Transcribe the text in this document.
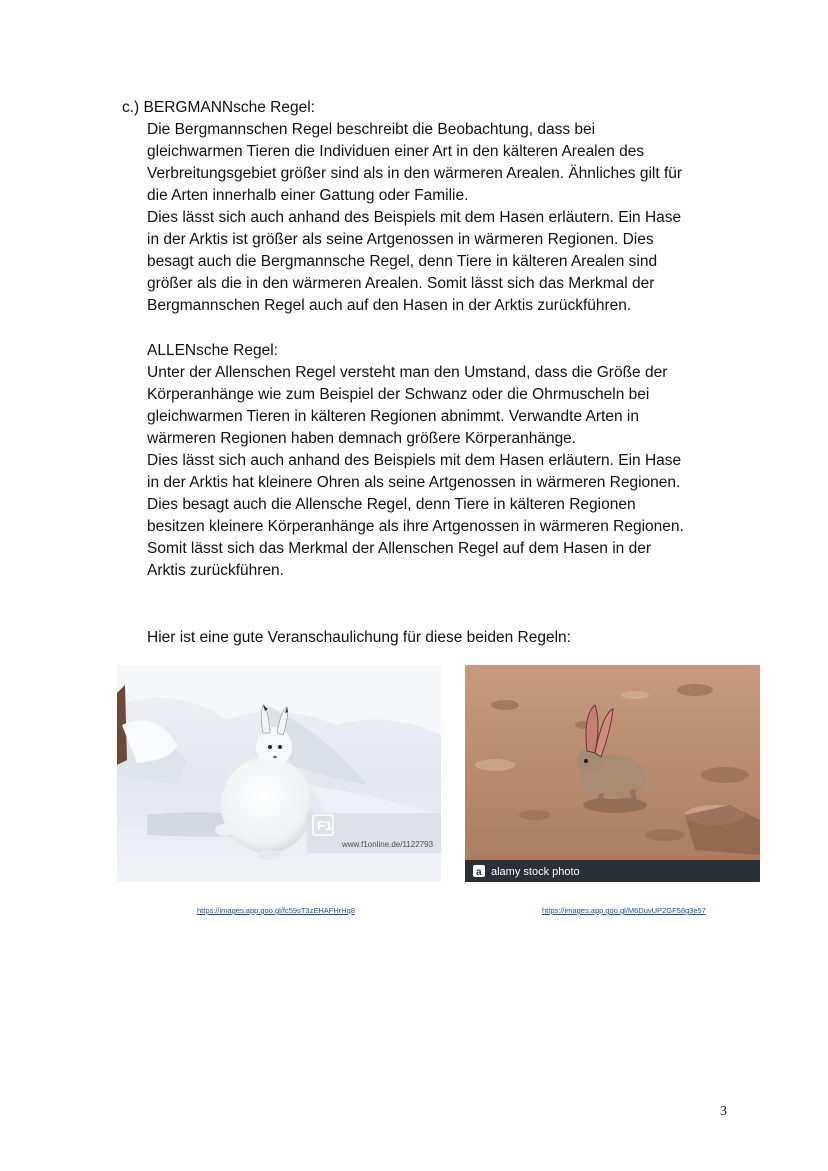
c.) BERGMANNsche Regel:

Die Bergmannschen Regel beschreibt die Beobachtung, dass bei
gleichwarmen Tieren die Individuen einer Art in den kälteren Arealen des
Verbreitungsgebiet größer sind als in den wärmeren Arealen. Ähnliches gilt für
die Arten innerhalb einer Gattung oder Familie.
Dies lässt sich auch anhand des Beispiels mit dem Hasen erläutern. Ein Hase
in der Arktis ist größer als seine Artgenossen in wärmeren Regionen. Dies
besagt auch die Bergmannsche Regel, denn Tiere in kälteren Arealen sind
größer als die in den wärmeren Arealen. Somit lässt sich das Merkmal der
Bergmannschen Regel auch auf den Hasen in der Arktis zurückführen.

ALLENsche Regel:
Unter der Allenschen Regel versteht man den Umstand, dass die Größe der
Körperanhänge wie zum Beispiel der Schwanz oder die Ohrmuscheln bei
gleichwarmen Tieren in kälteren Regionen abnimmt. Verwandte Arten in
wärmeren Regionen haben demnach größere Körperanhänge.
Dies lässt sich auch anhand des Beispiels mit dem Hasen erläutern. Ein Hase
in der Arktis hat kleinere Ohren als seine Artgenossen in wärmeren Regionen.
Dies besagt auch die Allensche Regel, denn Tiere in kälteren Regionen
besitzen kleinere Körperanhänge als ihre Artgenossen in wärmeren Regionen.
Somit lässt sich das Merkmal der Allenschen Regel auf dem Hasen in der
Arktis zurückführen.

Hier ist eine gute Veranschaulichung für diese beiden Regeln:

F1
www.f1online.de/1122793
a alamy stock photo
https://images.app.goo.gl/fc59sT3zEHAFHrHq8	https://images.app.goo.gl/M6DuvUP2GF58g3e57
3
